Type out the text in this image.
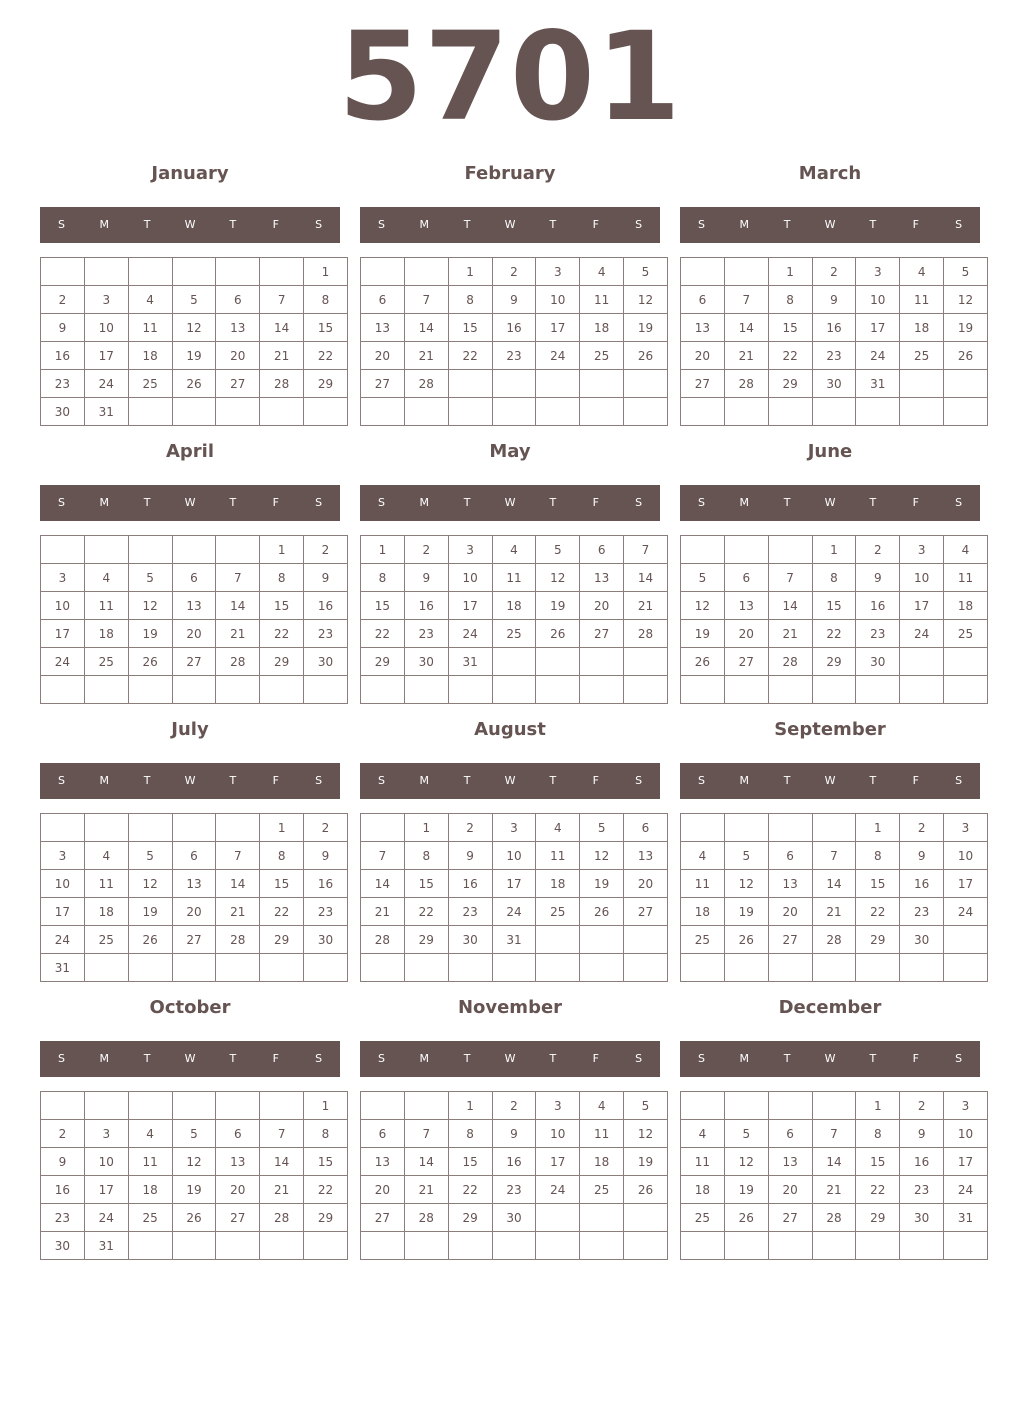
5701
January
S	M	T	W	T	F	S
						1
2	3	4	5	6	7	8
9	10	11	12	13	14	15
16	17	18	19	20	21	22
23	24	25	26	27	28	29
30	31					
February
S	M	T	W	T	F	S
		1	2	3	4	5
6	7	8	9	10	11	12
13	14	15	16	17	18	19
20	21	22	23	24	25	26
27	28					

March
S	M	T	W	T	F	S
		1	2	3	4	5
6	7	8	9	10	11	12
13	14	15	16	17	18	19
20	21	22	23	24	25	26
27	28	29	30	31		

April
S	M	T	W	T	F	S
					1	2
3	4	5	6	7	8	9
10	11	12	13	14	15	16
17	18	19	20	21	22	23
24	25	26	27	28	29	30

May
S	M	T	W	T	F	S
1	2	3	4	5	6	7
8	9	10	11	12	13	14
15	16	17	18	19	20	21
22	23	24	25	26	27	28
29	30	31				

June
S	M	T	W	T	F	S
			1	2	3	4
5	6	7	8	9	10	11
12	13	14	15	16	17	18
19	20	21	22	23	24	25
26	27	28	29	30		

July
S	M	T	W	T	F	S
					1	2
3	4	5	6	7	8	9
10	11	12	13	14	15	16
17	18	19	20	21	22	23
24	25	26	27	28	29	30
31						
August
S	M	T	W	T	F	S
	1	2	3	4	5	6
7	8	9	10	11	12	13
14	15	16	17	18	19	20
21	22	23	24	25	26	27
28	29	30	31			

September
S	M	T	W	T	F	S
				1	2	3
4	5	6	7	8	9	10
11	12	13	14	15	16	17
18	19	20	21	22	23	24
25	26	27	28	29	30	

October
S	M	T	W	T	F	S
						1
2	3	4	5	6	7	8
9	10	11	12	13	14	15
16	17	18	19	20	21	22
23	24	25	26	27	28	29
30	31					
November
S	M	T	W	T	F	S
		1	2	3	4	5
6	7	8	9	10	11	12
13	14	15	16	17	18	19
20	21	22	23	24	25	26
27	28	29	30			

December
S	M	T	W	T	F	S
				1	2	3
4	5	6	7	8	9	10
11	12	13	14	15	16	17
18	19	20	21	22	23	24
25	26	27	28	29	30	31
